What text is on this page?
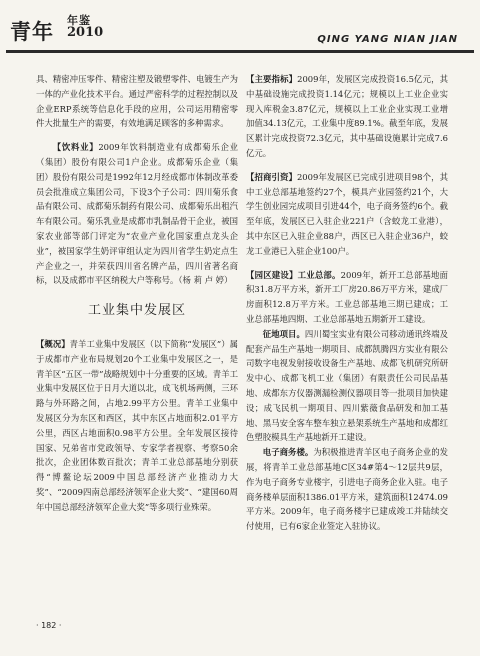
青年 年鉴
2010	QING YANG NIAN JIAN

具、精密冲压零件、精密注塑及锻塑零件、电镀生产为一体的产业化技术平台。通过严密科学的过程控制以及企业ERP系统等信息化手段的应用，公司运用精密零件大批量生产的需要，有效地满足顾客的多种需求。

【饮料业】2009年饮料制造业有成都菊乐企业（集团）股份有限公司1户企业。成都菊乐企业（集团）股份有限公司是1992年12月经成都市体制改革委员会批准成立集团公司，下设3个子公司：四川菊乐食品有限公司、成都菊乐制药有限公司、成都菊乐出租汽车有限公司。菊乐乳业是成都市乳制品骨干企业，被国家农业部等部门评定为“农业产业化国家重点龙头企业”，被国家学生奶评审组认定为四川省学生奶定点生产企业之一，并荣获四川省名牌产品，四川省著名商标，以及成都市平区纳税大户等称号。（杨 莉 卢 婷）

工业集中发展区

【概况】青羊工业集中发展区（以下简称“发展区”）属于成都市产业布局规划20个工业集中发展区之一，是青羊区“五区一带”战略规划中十分重要的区域。青羊工业集中发展区位于日月大道以北，成飞机场两侧，三环路与外环路之间，占地2.99平方公里。青羊工业集中发展区分为东区和西区，其中东区占地面积2.01平方公里，西区占地面积0.98平方公里。全年发展区接待国家、兄弟省市党政领导、专家学者视察、考察50余批次，企业团体数百批次；青羊工业总部基地分别获得“博鳌论坛2009中国总部经济产业推动力大奖”、“2009四南总部经济领军企业大奖”、“建国60周年中国总部经济领军企业大奖”等多项行业殊荣。

【主要指标】2009年，发展区完成投资16.5亿元，其中基础设施完成投资1.14亿元；规模以上工业企业实现入库税金3.87亿元，规模以上工业企业实现工业增加值34.13亿元，工业集中度89.1%。截至年底，发展区累计完成投资72.3亿元，其中基础设施累计完成7.6亿元。

【招商引资】2009年发展区已完成引进项目98个，其中工业总部基地签约27个，模具产业园签约21个，大学生创业园完成项目引进44个，电子商务签约6个。截至年底，发展区已入驻企业221户（含蛟龙工业港），其中东区已入驻企业88户，西区已入驻企业36户，蛟龙工业港已入驻企业100户。

【园区建设】工业总部。2009年，新开工总部基地面积31.8万平方米，新开工厂房20.86万平方米，建成厂房面积12.8万平方米。工业总部基地三期已建成；工业总部基地四期、工业总部基地五期新开工建设。

征地项目。四川蜀宝实业有限公司移动通讯终端及配套产品生产基地一期项目、成都凯腾四方实业有限公司数字电视发射接收设备生产基地、成都飞机研究所研发中心、成都飞机工业（集团）有限责任公司民品基地、成都东方仪器测漏检测仪器项目等一批项目加快建设；成飞民机一期项目、四川紫薇食品研发和加工基地、黑马安全客车整车独立悬架系统生产基地和成都红色塑胶模具生产基地新开工建设。

电子商务楼。为积极推进青羊区电子商务企业的发展，将青羊工业总部基地C区34#第4～12层共9层，作为电子商务专业楼宇，引进电子商务企业入驻。电子商务楼单层面积1386.01平方米，建筑面积12474.09平方米。2009年，电子商务楼宇已建成竣工并陆续交付使用，已有6家企业签定入驻协议。

· 182 ·
